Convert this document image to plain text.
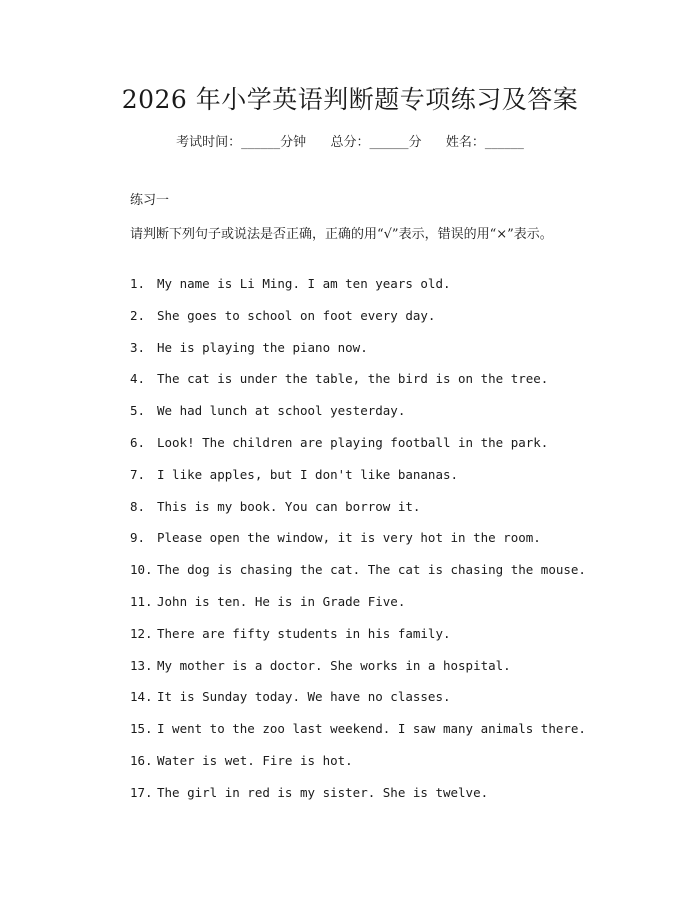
2026 年小学英语判断题专项练习及答案
考试时间：______分钟 总分：______分 姓名：______
练习一
请判断下列句子或说法是否正确，正确的用“√”表示，错误的用“×”表示。
1. My name is Li Ming. I am ten years old.
2. She goes to school on foot every day.
3. He is playing the piano now.
4. The cat is under the table, the bird is on the tree.
5. We had lunch at school yesterday.
6. Look! The children are playing football in the park.
7. I like apples, but I don't like bananas.
8. This is my book. You can borrow it.
9. Please open the window, it is very hot in the room.
10. The dog is chasing the cat. The cat is chasing the mouse.
11. John is ten. He is in Grade Five.
12. There are fifty students in his family.
13. My mother is a doctor. She works in a hospital.
14. It is Sunday today. We have no classes.
15. I went to the zoo last weekend. I saw many animals there.
16. Water is wet. Fire is hot.
17. The girl in red is my sister. She is twelve.
